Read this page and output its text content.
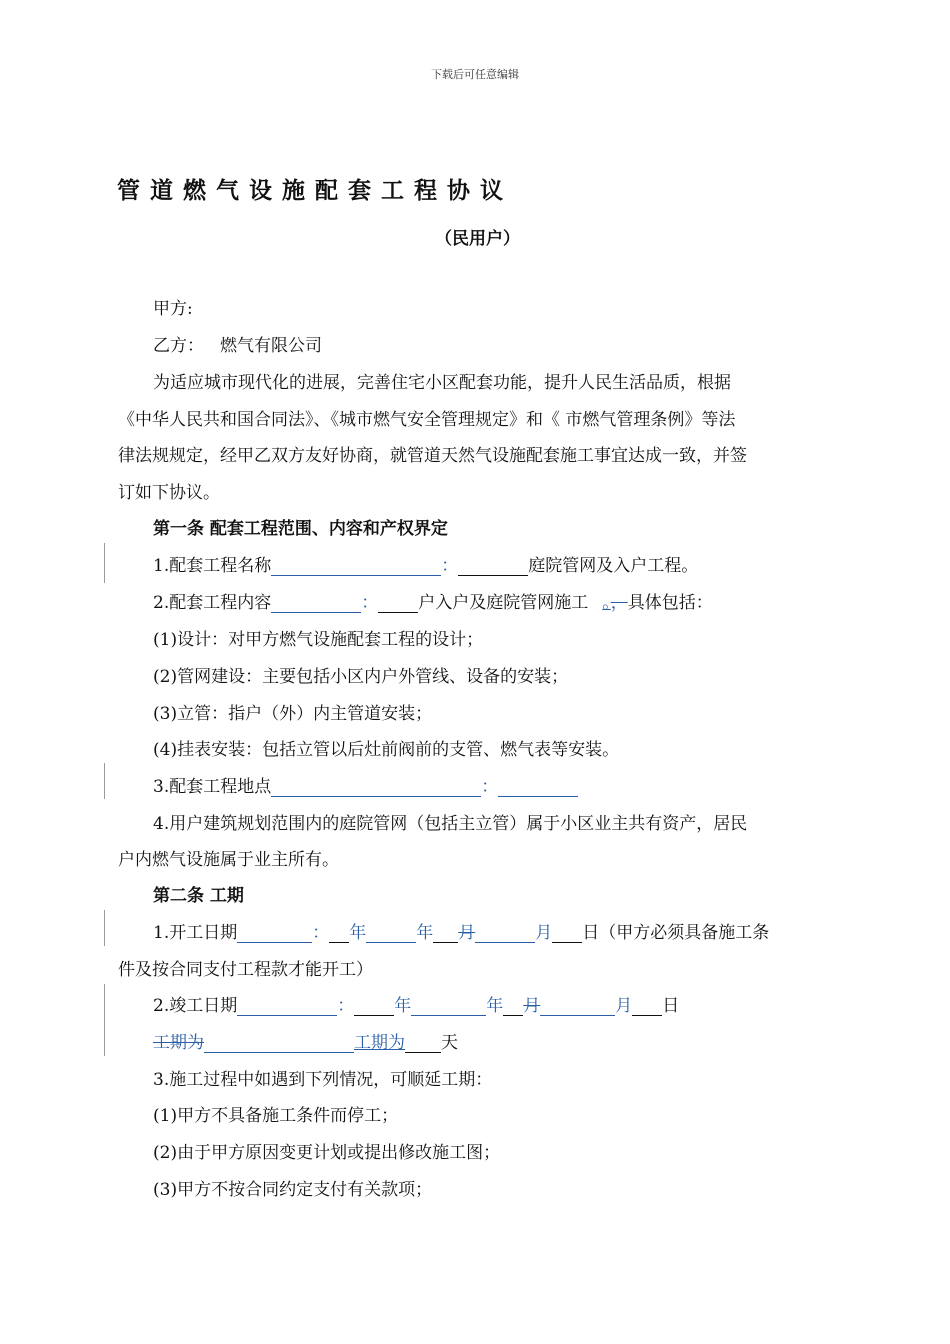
下载后可任意编辑
管道燃气设施配套工程协议
（民用户）
甲方:
乙方： 燃气有限公司
为适应城市现代化的进展，完善住宅小区配套功能，提升人民生活品质，根据
《中华人民共和国合同法》、《城市燃气安全管理规定》和《 市燃气管理条例》等法
律法规规定，经甲乙双方友好协商，就管道天然气设施配套施工事宜达成一致，并签
订如下协议。
第一条 配套工程范围、内容和产权界定
1.配套工程名称	：	庭院管网及入户工程。
2.配套工程内容	： 户入户及庭院管网施工 。，具体包括：
(1)设计：对甲方燃气设施配套工程的设计；
(2)管网建设：主要包括小区内户外管线、设备的安装；
(3)立管：指户（外）内主管道安装；
(4)挂表安装：包括立管以后灶前阀前的支管、燃气表等安装。
3.配套工程地点	：
4.用户建筑规划范围内的庭院管网（包括主立管）属于小区业主共有资产，居民
户内燃气设施属于业主所有。
第二条 工期
1.开工日期	： 年	年 月	月 日（甲方必须具备施工条
件及按合同支付工程款才能开工）
2.竣工日期	： 年	年 月	月 日
工期为	工期为 天
3.施工过程中如遇到下列情况，可顺延工期：
(1)甲方不具备施工条件而停工；
(2)由于甲方原因变更计划或提出修改施工图；
(3)甲方不按合同约定支付有关款项；
